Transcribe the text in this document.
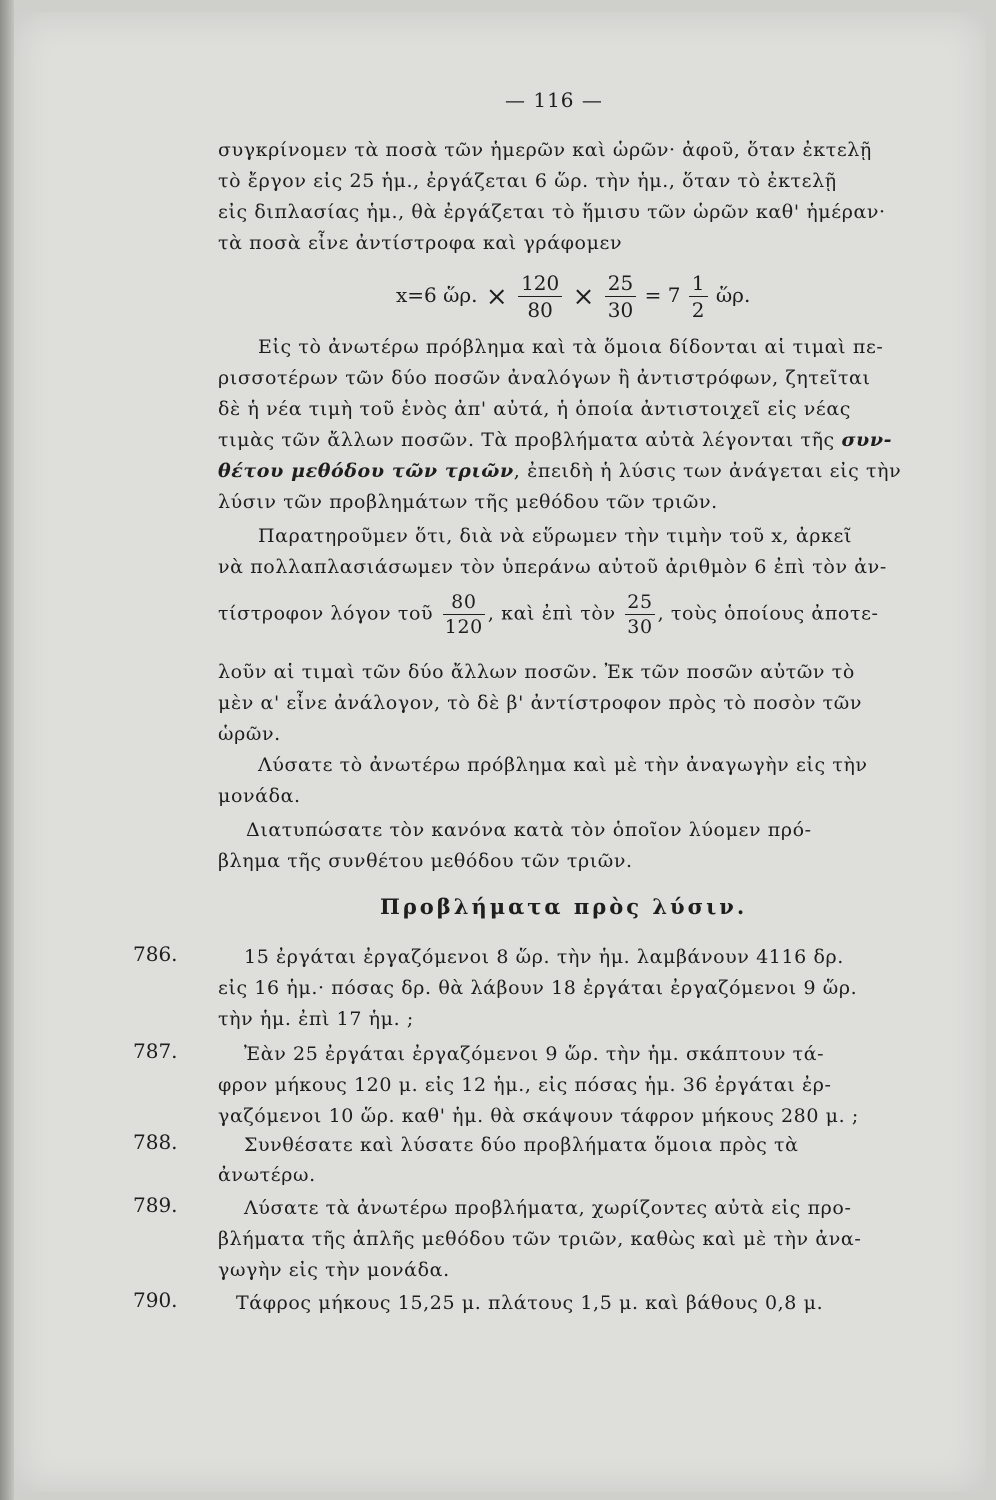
— 116 —
συγκρίνομεν τὰ ποσὰ τῶν ἡμερῶν καὶ ὡρῶν· ἀφοῦ, ὅταν ἐκτελῇ
τὸ ἔργον εἰς 25 ἡμ., ἐργάζεται 6 ὥρ. τὴν ἡμ., ὅταν τὸ ἐκτελῇ
εἰς διπλασίας ἡμ., θὰ ἐργάζεται τὸ ἥμισυ τῶν ὡρῶν καθ' ἡμέραν·
τὰ ποσὰ εἶνε ἀντίστροφα καὶ γράφομεν
x=6 ὥρ. × $\frac{120}{80} \times \frac{25}{30} = 7 \frac{1}{2}$ ὥρ.
Εἰς τὸ ἀνωτέρω πρόβλημα καὶ τὰ ὅμοια δίδονται αἱ τιμαὶ πε-
ρισσοτέρων τῶν δύο ποσῶν ἀναλόγων ἢ ἀντιστρόφων, ζητεῖται
δὲ ἡ νέα τιμὴ τοῦ ἑνὸς ἀπ' αὐτά, ἡ ὁποία ἀντιστοιχεῖ εἰς νέας
τιμὰς τῶν ἄλλων ποσῶν. Τὰ προβλήματα αὐτὰ λέγονται τῆς συν-
θέτου μεθόδου τῶν τριῶν, ἐπειδὴ ἡ λύσις των ἀνάγεται εἰς τὴν
λύσιν τῶν προβλημάτων τῆς μεθόδου τῶν τριῶν.
Παρατηροῦμεν ὅτι, διὰ νὰ εὕρωμεν τὴν τιμὴν τοῦ x, ἀρκεῖ
νὰ πολλαπλασιάσωμεν τὸν ὑπεράνω αὐτοῦ ἀριθμὸν 6 ἐπὶ τὸν ἀν-
τίστροφον λόγον τοῦ $\frac{80}{120}$ , καὶ ἐπὶ τὸν $\frac{25}{30}$ , τοὺς ὁποίους ἀποτε-
λοῦν αἱ τιμαὶ τῶν δύο ἄλλων ποσῶν. Ἐκ τῶν ποσῶν αὐτῶν τὸ
μὲν α' εἶνε ἀνάλογον, τὸ δὲ β' ἀντίστροφον πρὸς τὸ ποσὸν τῶν
ὡρῶν.
Λύσατε τὸ ἀνωτέρω πρόβλημα καὶ μὲ τὴν ἀναγωγὴν εἰς τὴν
μονάδα.
Διατυπώσατε τὸν κανόνα κατὰ τὸν ὁποῖον λύομεν πρό-
βλημα τῆς συνθέτου μεθόδου τῶν τριῶν.
Προβλήματα πρὸς λύσιν.
786.	15 ἐργάται ἐργαζόμενοι 8 ὥρ. τὴν ἡμ. λαμβάνουν 4116 δρ.
εἰς 16 ἡμ.· πόσας δρ. θὰ λάβουν 18 ἐργάται ἐργαζόμενοι 9 ὥρ.
τὴν ἡμ. ἐπὶ 17 ἡμ. ;
787.	Ἐὰν 25 ἐργάται ἐργαζόμενοι 9 ὥρ. τὴν ἡμ. σκάπτουν τά-
φρον μήκους 120 μ. εἰς 12 ἡμ., εἰς πόσας ἡμ. 36 ἐργάται ἐρ-
γαζόμενοι 10 ὥρ. καθ' ἡμ. θὰ σκάψουν τάφρον μήκους 280 μ. ;
788.	Συνθέσατε καὶ λύσατε δύο προβλήματα ὅμοια πρὸς τὰ
ἀνωτέρω.
789.	Λύσατε τὰ ἀνωτέρω προβλήματα, χωρίζοντες αὐτὰ εἰς προ-
βλήματα τῆς ἁπλῆς μεθόδου τῶν τριῶν, καθὼς καὶ μὲ τὴν ἀνα-
γωγὴν εἰς τὴν μονάδα.
790.	Τάφρος μήκους 15,25 μ. πλάτους 1,5 μ. καὶ βάθους 0,8 μ.
